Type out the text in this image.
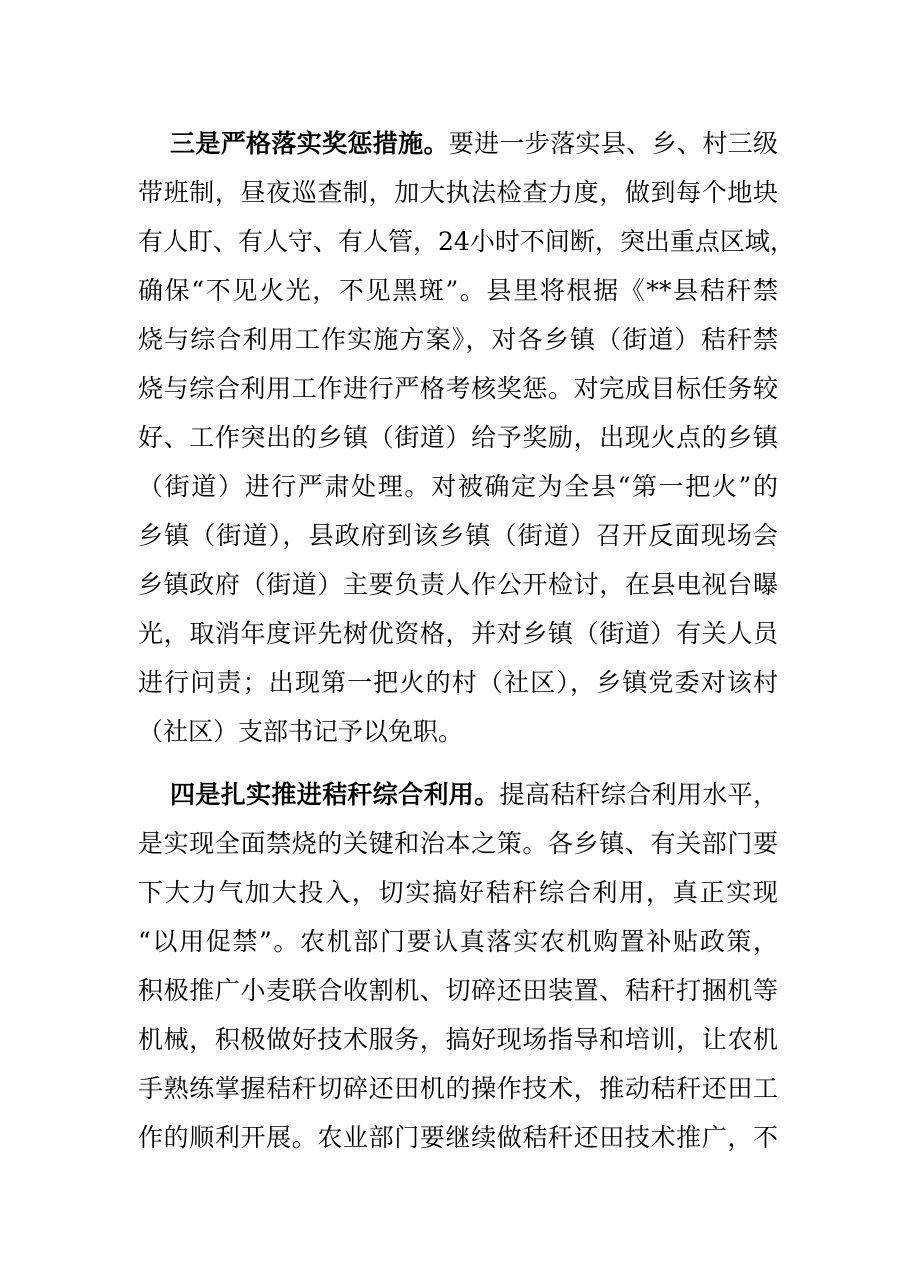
三是严格落实奖惩措施。要进一步落实县、乡、村三级
带班制，昼夜巡查制，加大执法检查力度，做到每个地块
有人盯、有人守、有人管，24小时不间断，突出重点区域，
确保“不见火光，不见黑斑”。县里将根据《**县秸秆禁
烧与综合利用工作实施方案》，对各乡镇（街道）秸秆禁
烧与综合利用工作进行严格考核奖惩。对完成目标任务较
好、工作突出的乡镇（街道）给予奖励，出现火点的乡镇
（街道）进行严肃处理。对被确定为全县“第一把火”的
乡镇（街道），县政府到该乡镇（街道）召开反面现场会
乡镇政府（街道）主要负责人作公开检讨，在县电视台曝
光，取消年度评先树优资格，并对乡镇（街道）有关人员
进行问责；出现第一把火的村（社区），乡镇党委对该村
（社区）支部书记予以免职。
四是扎实推进秸秆综合利用。提高秸秆综合利用水平，
是实现全面禁烧的关键和治本之策。各乡镇、有关部门要
下大力气加大投入，切实搞好秸秆综合利用，真正实现
“以用促禁”。农机部门要认真落实农机购置补贴政策，
积极推广小麦联合收割机、切碎还田装置、秸秆打捆机等
机械，积极做好技术服务，搞好现场指导和培训，让农机
手熟练掌握秸秆切碎还田机的操作技术，推动秸秆还田工
作的顺利开展。农业部门要继续做秸秆还田技术推广，不
